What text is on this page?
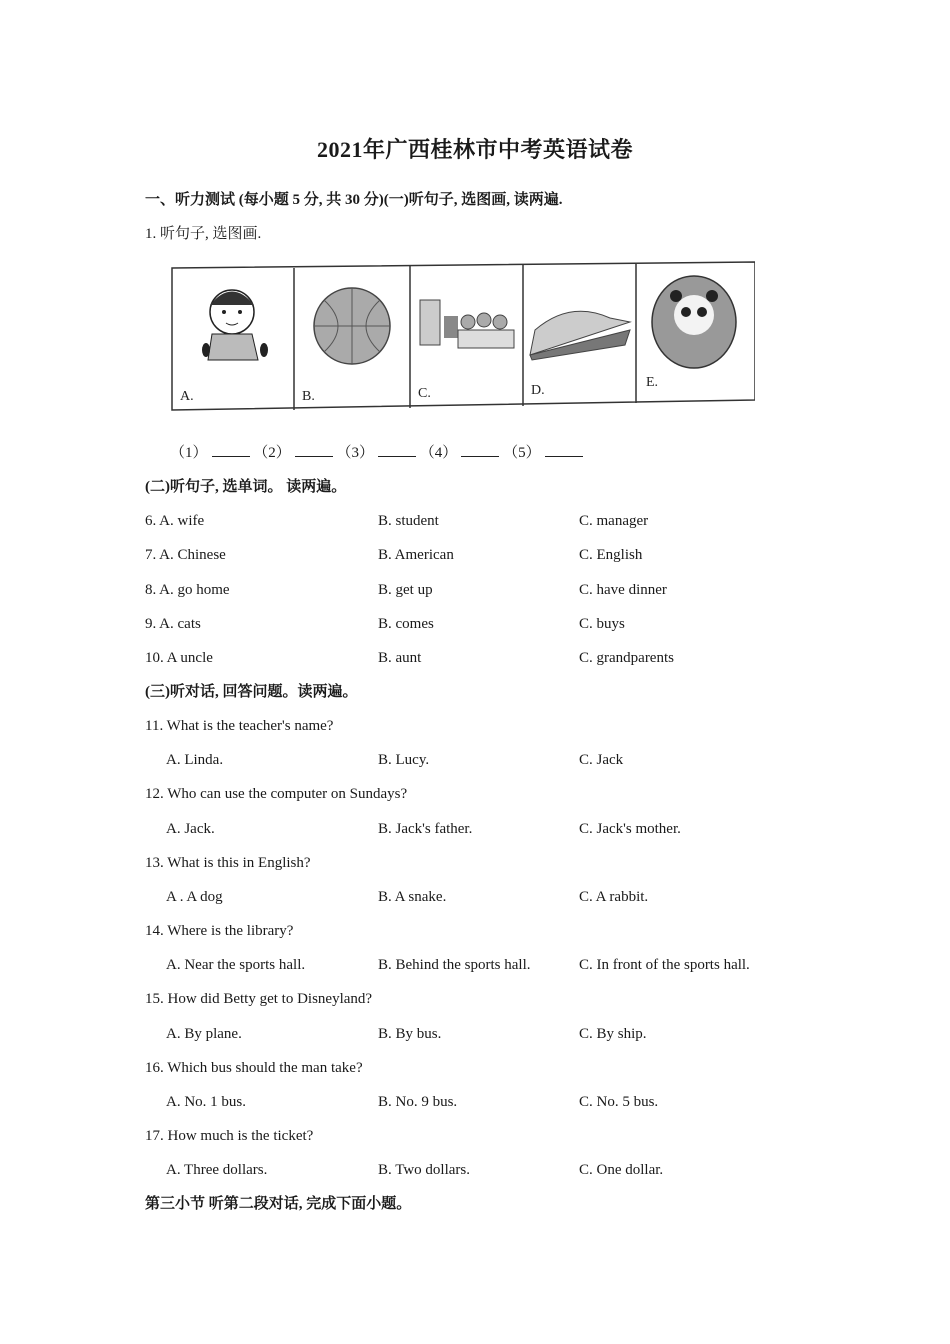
2021年广西桂林市中考英语试卷
一、听力测试 (每小题 5 分, 共 30 分)(一)听句子, 选图画, 读两遍.
1. 听句子, 选图画.
A.	B.	C.	D.
E.
（1）	（2）	（3）	（4）	（5）
(二)听句子, 选单词。 读两遍。
6. A. wife	B. student	C. manager
7. A. Chinese	B. American	C. English
8. A. go home	B. get up	C. have dinner
9. A. cats	B. comes	C. buys
10. A uncle	B. aunt	C. grandparents
(三)听对话, 回答问题。读两遍。
11. What is the teacher's name?
A. Linda.	B. Lucy.	C. Jack
12. Who can use the computer on Sundays?
A. Jack.	B. Jack's father.	C. Jack's mother.
13. What is this in English?
A . A dog	B. A snake.	C. A rabbit.
14. Where is the library?
A. Near the sports hall.	B. Behind the sports hall.	C. In front of the sports hall.
15. How did Betty get to Disneyland?
A. By plane.	B. By bus.	C. By ship.
16. Which bus should the man take?
A. No. 1 bus.	B. No. 9 bus.	C. No. 5 bus.
17. How much is the ticket?
A. Three dollars.	B. Two dollars.	C. One dollar.
第三小节 听第二段对话, 完成下面小题。
